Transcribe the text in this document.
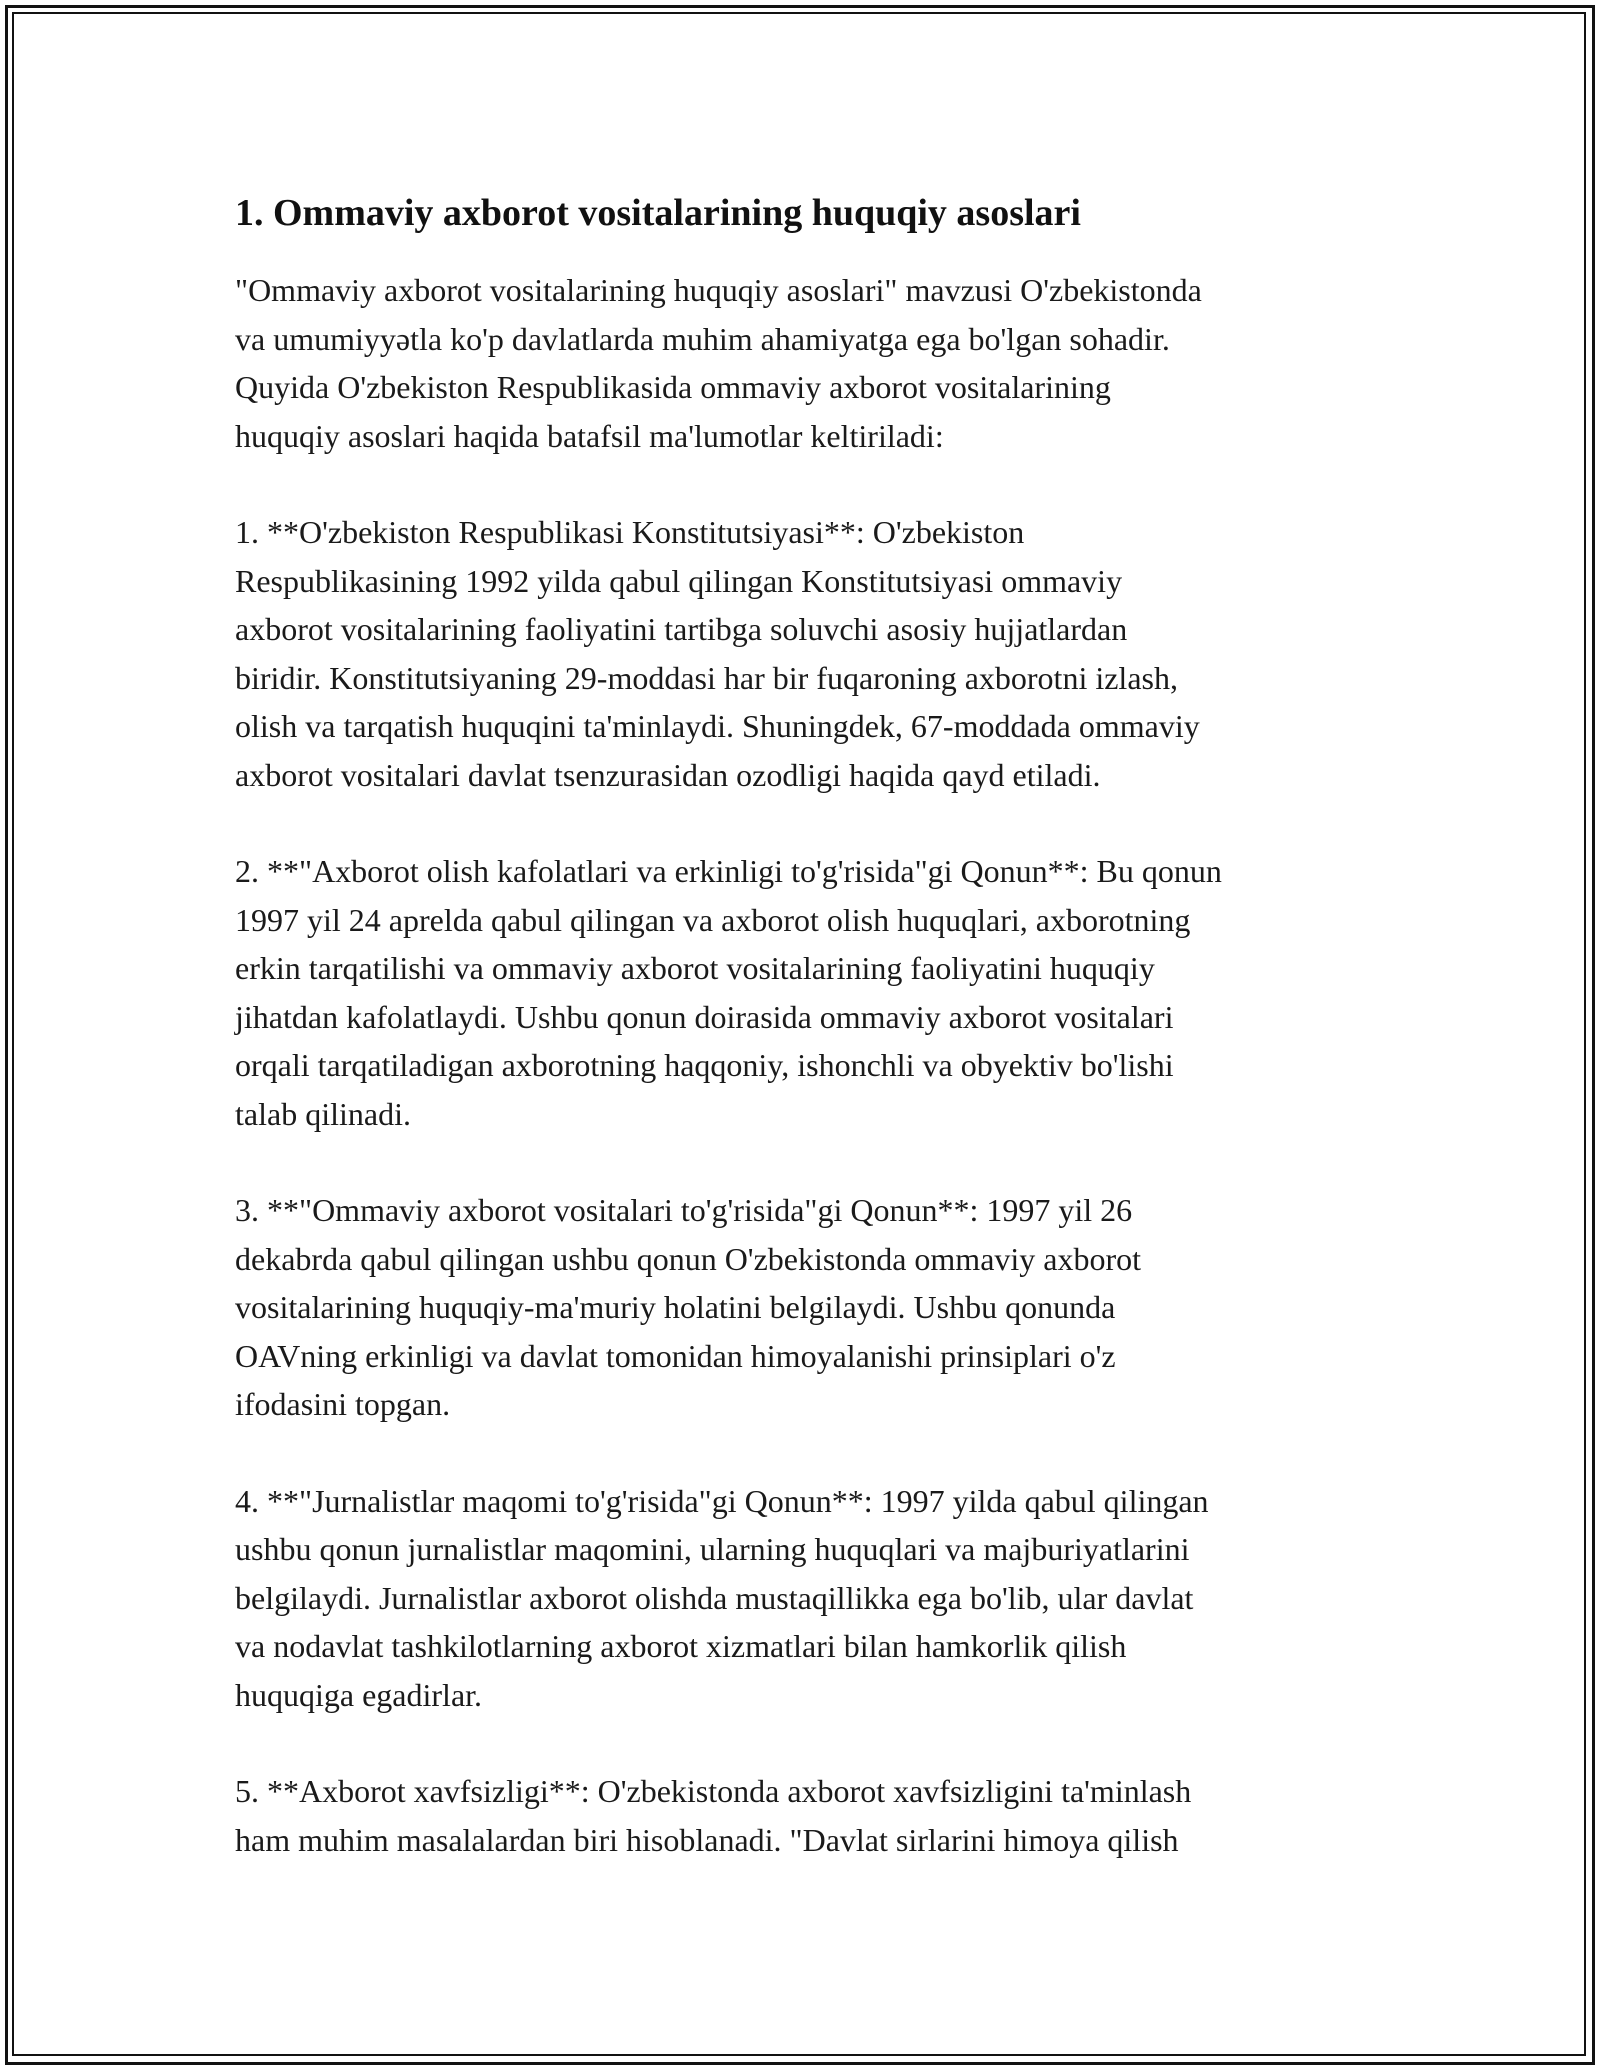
1. Ommaviy axborot vositalarining huquqiy asoslari

"Ommaviy axborot vositalarining huquqiy asoslari" mavzusi O'zbekistonda
va umumiyyətla ko'p davlatlarda muhim ahamiyatga ega bo'lgan sohadir.
Quyida O'zbekiston Respublikasida ommaviy axborot vositalarining
huquqiy asoslari haqida batafsil ma'lumotlar keltiriladi:

1. **O'zbekiston Respublikasi Konstitutsiyasi**: O'zbekiston
Respublikasining 1992 yilda qabul qilingan Konstitutsiyasi ommaviy
axborot vositalarining faoliyatini tartibga soluvchi asosiy hujjatlardan
biridir. Konstitutsiyaning 29-moddasi har bir fuqaroning axborotni izlash,
olish va tarqatish huquqini ta'minlaydi. Shuningdek, 67-moddada ommaviy
axborot vositalari davlat tsenzurasidan ozodligi haqida qayd etiladi.

2. **"Axborot olish kafolatlari va erkinligi to'g'risida"gi Qonun**: Bu qonun
1997 yil 24 aprelda qabul qilingan va axborot olish huquqlari, axborotning
erkin tarqatilishi va ommaviy axborot vositalarining faoliyatini huquqiy
jihatdan kafolatlaydi. Ushbu qonun doirasida ommaviy axborot vositalari
orqali tarqatiladigan axborotning haqqoniy, ishonchli va obyektiv bo'lishi
talab qilinadi.

3. **"Ommaviy axborot vositalari to'g'risida"gi Qonun**: 1997 yil 26
dekabrda qabul qilingan ushbu qonun O'zbekistonda ommaviy axborot
vositalarining huquqiy-ma'muriy holatini belgilaydi. Ushbu qonunda
OAVning erkinligi va davlat tomonidan himoyalanishi prinsiplari o'z
ifodasini topgan.

4. **"Jurnalistlar maqomi to'g'risida"gi Qonun**: 1997 yilda qabul qilingan
ushbu qonun jurnalistlar maqomini, ularning huquqlari va majburiyatlarini
belgilaydi. Jurnalistlar axborot olishda mustaqillikka ega bo'lib, ular davlat
va nodavlat tashkilotlarning axborot xizmatlari bilan hamkorlik qilish
huquqiga egadirlar.

5. **Axborot xavfsizligi**: O'zbekistonda axborot xavfsizligini ta'minlash
ham muhim masalalardan biri hisoblanadi. "Davlat sirlarini himoya qilish
